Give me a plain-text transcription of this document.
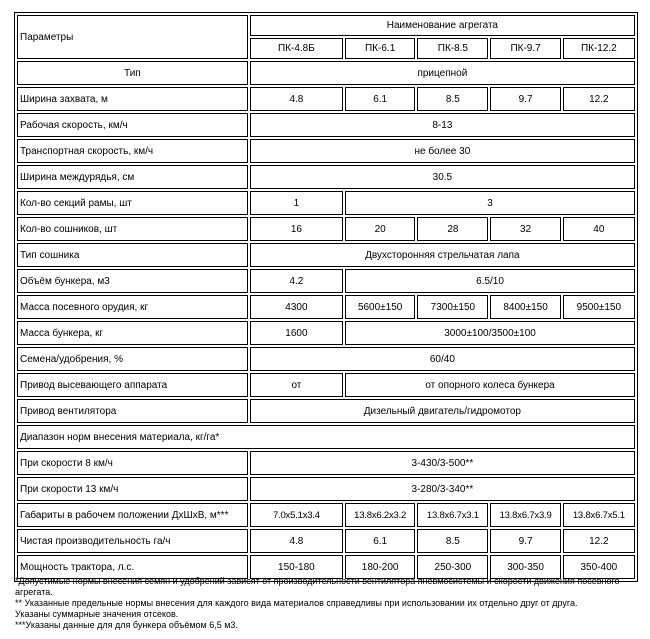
Параметры	Наименование агрегата				
	ПК-4.8Б	ПК-6.1	ПК-8.5	ПК-9.7	ПК-12.2
Тип	прицепной				
Ширина захвата, м	4.8	6.1	8.5	9.7	12.2
Рабочая скорость, км/ч	8-13				
Транспортная скорость, км/ч	не более 30				
Ширина междурядья, см	30.5				
Кол-во секций рамы, шт	1	3			
Кол-во сошников, шт	16	20	28	32	40
Тип сошника	Двухсторонняя стрельчатая лапа				
Объём бункера, м3	4.2	6.5/10			
Масса посевного орудия, кг	4300	5600±150	7300±150	8400±150	9500±150
Масса бункера, кг	1600	3000±100/3500±100			
Семена/удобрения, %	60/40				
Привод высевающего аппарата	от	от опорного колеса бункера			
Привод вентилятора	Дизельный двигатель/гидромотор				
Диапазон норм внесения материала, кг/га*					
При скорости 8 км/ч	3-430/3-500**				
При скорости 13 км/ч	3-280/3-340**				
Габариты в рабочем положении ДхШхВ, м***	7.0х5.1х3.4	13.8х6.2х3.2	13.8х6.7х3.1	13.8х6.7х3.9	13.8х6.7х5.1
Чистая производительность га/ч	4.8	6.1	8.5	9.7	12.2
Мощность трактора, л.с.	150-180	180-200	250-300	300-350	350-400

*Допустимые нормы внесения семян и удобрений зависят от производительности вентилятора пневмосистемы и скорости движения посевного агрегата.

** Указанные предельные нормы внесения для каждого вида материалов справедливы при использовании их отдельно друг от друга.

Указаны суммарные значения отсеков.

***Указаны данные для для бункера объёмом 6,5 м3.
